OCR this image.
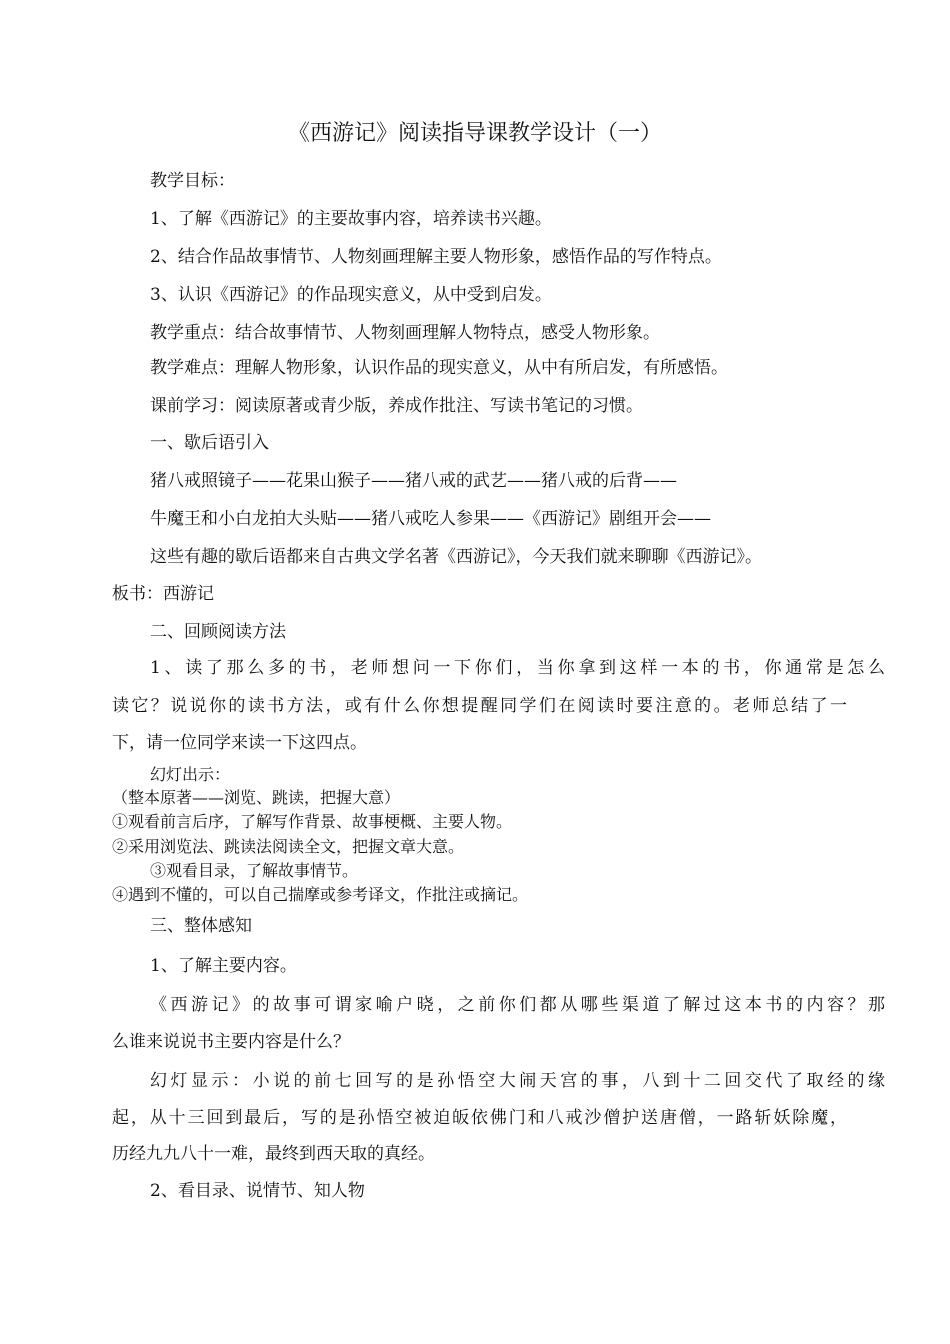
《西游记》阅读指导课教学设计（一）

教学目标：

1、了解《西游记》的主要故事内容，培养读书兴趣。

2、结合作品故事情节、人物刻画理解主要人物形象，感悟作品的写作特点。

3、认识《西游记》的作品现实意义，从中受到启发。

教学重点：结合故事情节、人物刻画理解人物特点，感受人物形象。

教学难点：理解人物形象，认识作品的现实意义，从中有所启发，有所感悟。

课前学习：阅读原著或青少版，养成作批注、写读书笔记的习惯。

一、歇后语引入

猪八戒照镜子——花果山猴子——猪八戒的武艺——猪八戒的后背——

牛魔王和小白龙拍大头贴——猪八戒吃人参果——《西游记》剧组开会——

这些有趣的歇后语都来自古典文学名著《西游记》，今天我们就来聊聊《西游记》。

板书：西游记

二、回顾阅读方法

1、读了那么多的书，老师想问一下你们，当你拿到这样一本的书，你通常是怎么

读它？说说你的读书方法，或有什么你想提醒同学们在阅读时要注意的。老师总结了一

下，请一位同学来读一下这四点。

幻灯出示：

（整本原著——浏览、跳读，把握大意）

①观看前言后序，了解写作背景、故事梗概、主要人物。

②采用浏览法、跳读法阅读全文，把握文章大意。

③观看目录，了解故事情节。

④遇到不懂的，可以自己揣摩或参考译文，作批注或摘记。

三、整体感知

1、了解主要内容。

《西游记》的故事可谓家喻户晓，之前你们都从哪些渠道了解过这本书的内容？那

么谁来说说书主要内容是什么？

幻灯显示：小说的前七回写的是孙悟空大闹天宫的事，八到十二回交代了取经的缘

起，从十三回到最后，写的是孙悟空被迫皈依佛门和八戒沙僧护送唐僧，一路斩妖除魔，

历经九九八十一难，最终到西天取的真经。

2、看目录、说情节、知人物
